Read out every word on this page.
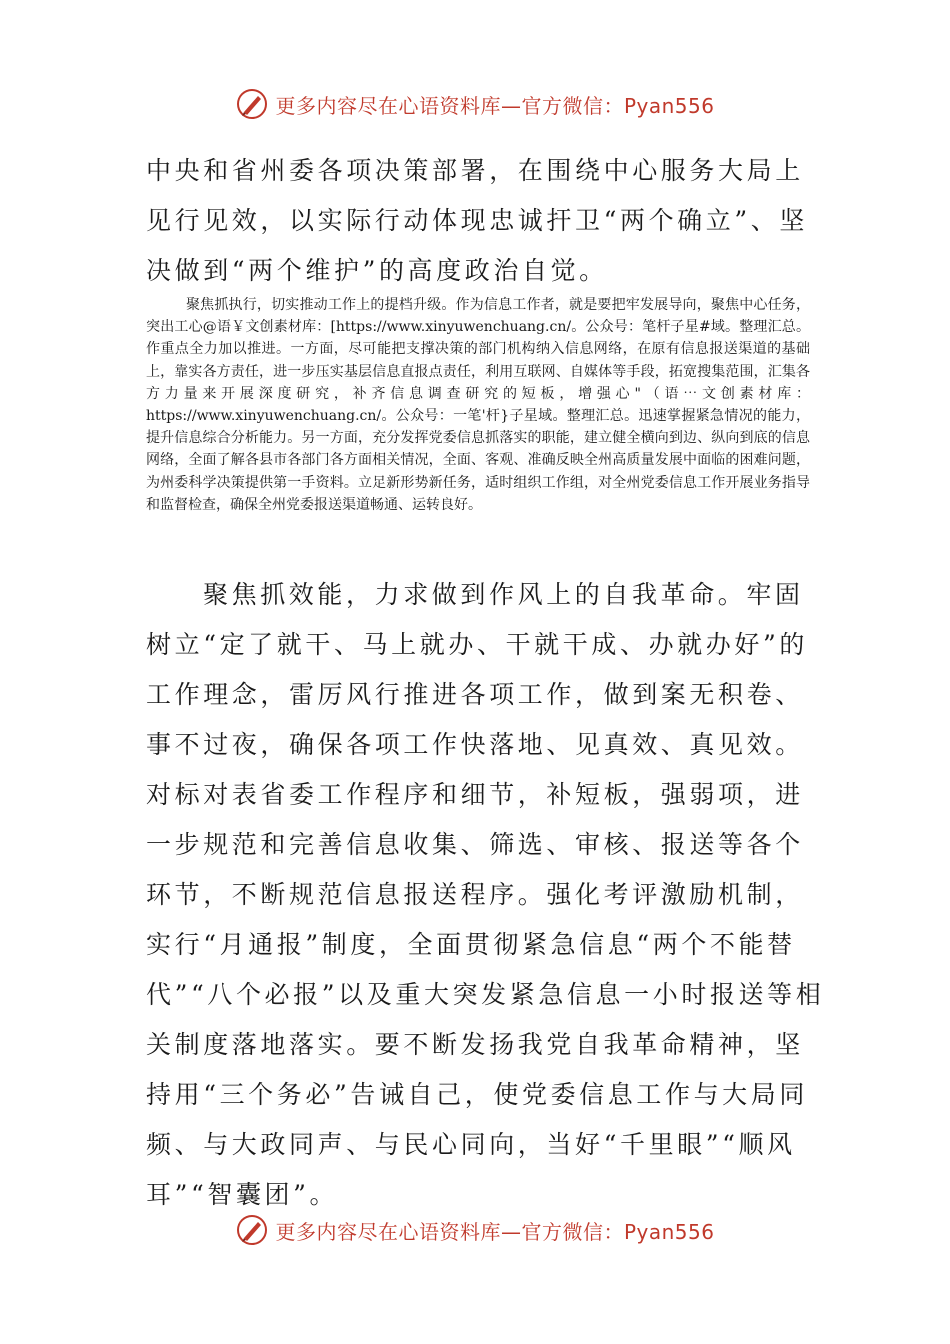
更多内容尽在心语资料库—官方微信：Pyan556

中央和省州委各项决策部署，在围绕中心服务大局上见行见效，以实际行动体现忠诚扞卫“两个确立”、坚决做到“两个维护”的高度政治自觉。

聚焦抓执行，切实推动工作上的提档升级。作为信息工作者，就是要把牢发展导向，聚焦中心任务，突出工心@语￥文创素材库：[https://www.xinyuwenchuang.cn/。公众号：笔杆子星#域。整理汇总。作重点全力加以推进。一方面，尽可能把支撑决策的部门机构纳入信息网络，在原有信息报送渠道的基础上，靠实各方责任，进一步压实基层信息直报点责任，利用互联网、自媒体等手段，拓宽搜集范围，汇集各方力量来开展深度研究，补齐信息调查研究的短板，增强心"（语⋯文创素材库：https://www.xinyuwenchuang.cn/。公众号：一笔'杆}子星域。整理汇总。迅速掌握紧急情况的能力，提升信息综合分析能力。另一方面，充分发挥党委信息抓落实的职能，建立健全横向到边、纵向到底的信息网络，全面了解各县市各部门各方面相关情况，全面、客观、准确反映全州高质量发展中面临的困难问题，为州委科学决策提供第一手资料。立足新形势新任务，适时组织工作组，对全州党委信息工作开展业务指导和监督检查，确保全州党委报送渠道畅通、运转良好。

聚焦抓效能，力求做到作风上的自我革命。牢固树立“定了就干、马上就办、干就干成、办就办好”的工作理念，雷厉风行推进各项工作，做到案无积卷、事不过夜，确保各项工作快落地、见真效、真见效。对标对表省委工作程序和细节，补短板，强弱项，进一步规范和完善信息收集、筛选、审核、报送等各个环节，不断规范信息报送程序。强化考评激励机制，实行“月通报”制度，全面贯彻紧急信息“两个不能替代”“八个必报”以及重大突发紧急信息一小时报送等相关制度落地落实。要不断发扬我党自我革命精神，坚持用“三个务必”告诫自己，使党委信息工作与大局同频、与大政同声、与民心同向，当好“千里眼”“顺风耳”“智囊团”。

更多内容尽在心语资料库—官方微信：Pyan556
